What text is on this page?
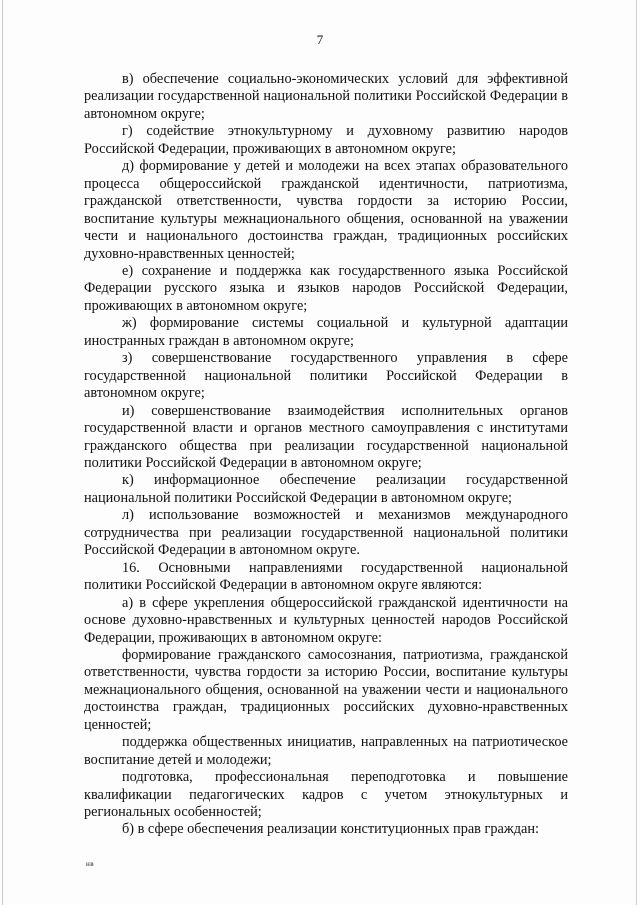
7

в) обеспечение социально-экономических условий для эффективной реализации государственной национальной политики Российской Федерации в автономном округе;

г) содействие этнокультурному и духовному развитию народов Российской Федерации, проживающих в автономном округе;

д) формирование у детей и молодежи на всех этапах образовательного процесса общероссийской гражданской идентичности, патриотизма, гражданской ответственности, чувства гордости за историю России, воспитание культуры межнационального общения, основанной на уважении чести и национального достоинства граждан, традиционных российских духовно-нравственных ценностей;

е) сохранение и поддержка как государственного языка Российской Федерации русского языка и языков народов Российской Федерации, проживающих в автономном округе;

ж) формирование системы социальной и культурной адаптации иностранных граждан в автономном округе;

з) совершенствование государственного управления в сфере государственной национальной политики Российской Федерации в автономном округе;

и) совершенствование взаимодействия исполнительных органов государственной власти и органов местного самоуправления с институтами гражданского общества при реализации государственной национальной политики Российской Федерации в автономном округе;

к) информационное обеспечение реализации государственной национальной политики Российской Федерации в автономном округе;

л) использование возможностей и механизмов международного сотрудничества при реализации государственной национальной политики Российской Федерации в автономном округе.

16. Основными направлениями государственной национальной политики Российской Федерации в автономном округе являются:

а) в сфере укрепления общероссийской гражданской идентичности на основе духовно-нравственных и культурных ценностей народов Российской Федерации, проживающих в автономном округе:

формирование гражданского самосознания, патриотизма, гражданской ответственности, чувства гордости за историю России, воспитание культуры межнационального общения, основанной на уважении чести и национального достоинства граждан, традиционных российских духовно-нравственных ценностей;

поддержка общественных инициатив, направленных на патриотическое воспитание детей и молодежи;

подготовка, профессиональная переподготовка и повышение квалификации педагогических кадров с учетом этнокультурных и региональных особенностей;

б) в сфере обеспечения реализации конституционных прав граждан:

нв
